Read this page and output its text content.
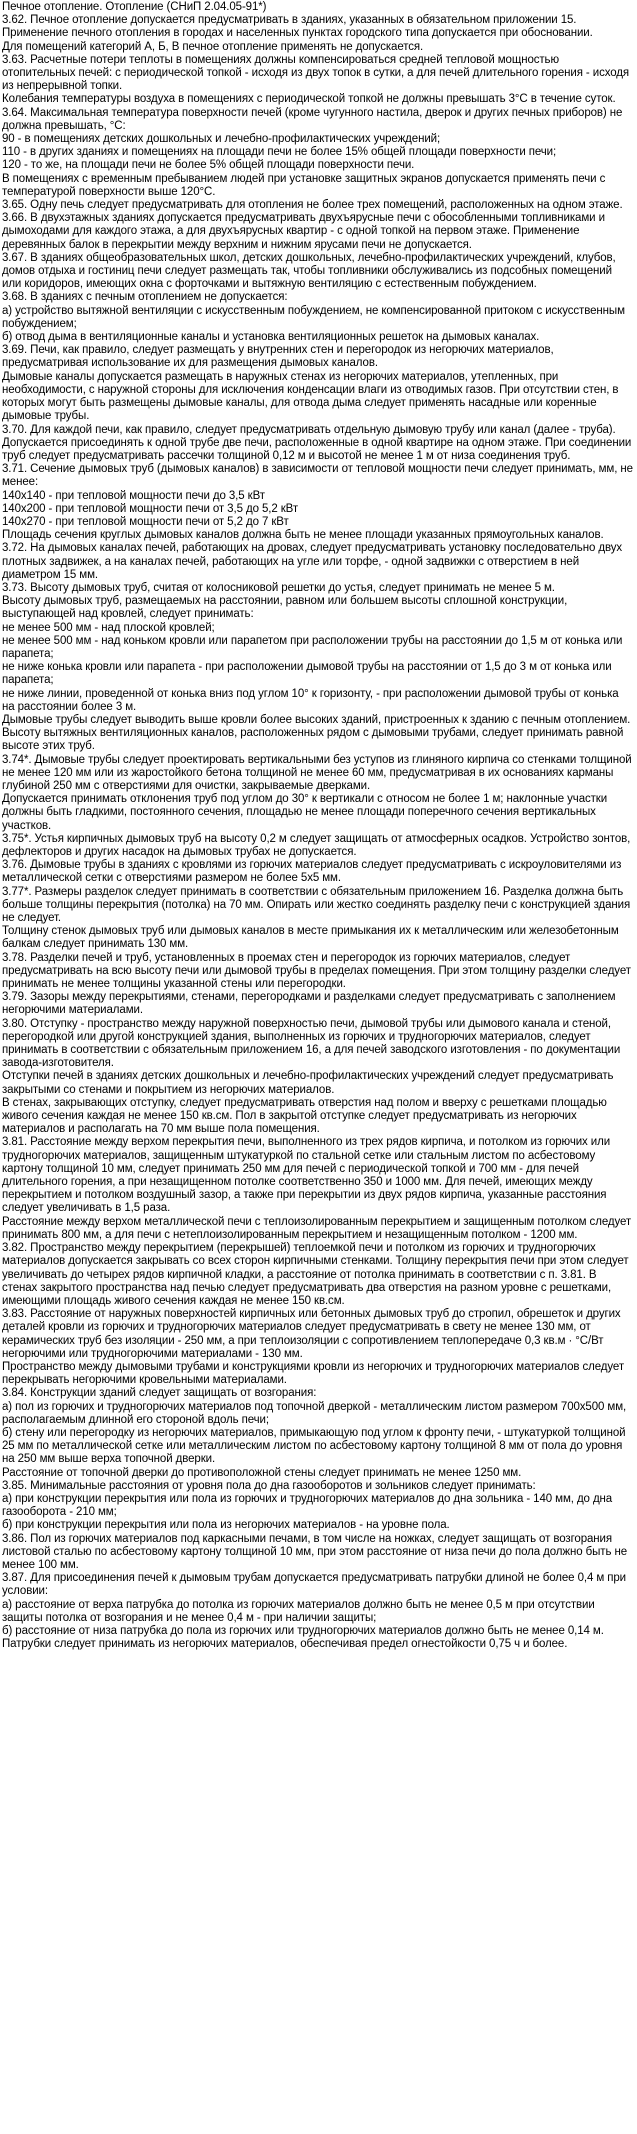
Печное отопление. Отопление (СНиП 2.04.05-91*)
3.62. Печное отопление допускается предусматривать в зданиях, указанных в обязательном приложении 15.
Применение печного отопления в городах и населенных пунктах городского типа допускается при обосновании.
Для помещений категорий А, Б, В печное отопление применять не допускается.
3.63. Расчетные потери теплоты в помещениях должны компенсироваться средней тепловой мощностью отопительных печей: с периодической топкой - исходя из двух топок в сутки, а для печей длительного горения - исходя из непрерывной топки.
Колебания температуры воздуха в помещениях с периодической топкой не должны превышать 3°С в течение суток.
3.64. Максимальная температура поверхности печей (кроме чугунного настила, дверок и других печных приборов) не должна превышать, °С:
90 - в помещениях детских дошкольных и лечебно-профилактических учреждений;
110 - в других зданиях и помещениях на площади печи не более 15% общей площади поверхности печи;
120 - то же, на площади печи не более 5% общей площади поверхности печи.
В помещениях с временным пребыванием людей при установке защитных экранов допускается применять печи с температурой поверхности выше 120°С.
3.65. Одну печь следует предусматривать для отопления не более трех помещений, расположенных на одном этаже.
3.66. В двухэтажных зданиях допускается предусматривать двухъярусные печи с обособленными топливниками и дымоходами для каждого этажа, а для двухъярусных квартир - с одной топкой на первом этаже. Применение деревянных балок в перекрытии между верхним и нижним ярусами печи не допускается.
3.67. В зданиях общеобразовательных школ, детских дошкольных, лечебно-профилактических учреждений, клубов, домов отдыха и гостиниц печи следует размещать так, чтобы топливники обслуживались из подсобных помещений или коридоров, имеющих окна с форточками и вытяжную вентиляцию с естественным побуждением.
3.68. В зданиях с печным отоплением не допускается:
а) устройство вытяжной вентиляции с искусственным побуждением, не компенсированной притоком с искусственным побуждением;
б) отвод дыма в вентиляционные каналы и установка вентиляционных решеток на дымовых каналах.
3.69. Печи, как правило, следует размещать у внутренних стен и перегородок из негорючих материалов, предусматривая использование их для размещения дымовых каналов.
Дымовые каналы допускается размещать в наружных стенах из негорючих материалов, утепленных, при необходимости, с наружной стороны для исключения конденсации влаги из отводимых газов. При отсутствии стен, в которых могут быть размещены дымовые каналы, для отвода дыма следует применять насадные или коренные дымовые трубы.
3.70. Для каждой печи, как правило, следует предусматривать отдельную дымовую трубу или канал (далее - труба). Допускается присоединять к одной трубе две печи, расположенные в одной квартире на одном этаже. При соединении труб следует предусматривать рассечки толщиной 0,12 м и высотой не менее 1 м от низа соединения труб.
3.71. Сечение дымовых труб (дымовых каналов) в зависимости от тепловой мощности печи следует принимать, мм, не менее:
140х140 - при тепловой мощности печи до 3,5 кВт
140х200 - при тепловой мощности печи от 3,5 до 5,2 кВт
140х270 - при тепловой мощности печи от 5,2 до 7 кВт
Площадь сечения круглых дымовых каналов должна быть не менее площади указанных прямоугольных каналов.
3.72. На дымовых каналах печей, работающих на дровах, следует предусматривать установку последовательно двух плотных задвижек, а на каналах печей, работающих на угле или торфе, - одной задвижки с отверстием в ней диаметром 15 мм.
3.73. Высоту дымовых труб, считая от колосниковой решетки до устья, следует принимать не менее 5 м.
Высоту дымовых труб, размещаемых на расстоянии, равном или большем высоты сплошной конструкции, выступающей над кровлей, следует принимать:
не менее 500 мм - над плоской кровлей;
не менее 500 мм - над коньком кровли или парапетом при расположении трубы на расстоянии до 1,5 м от конька или парапета;
не ниже конька кровли или парапета - при расположении дымовой трубы на расстоянии от 1,5 до 3 м от конька или парапета;
не ниже линии, проведенной от конька вниз под углом 10° к горизонту, - при расположении дымовой трубы от конька на расстоянии более 3 м.
Дымовые трубы следует выводить выше кровли более высоких зданий, пристроенных к зданию с печным отоплением.
Высоту вытяжных вентиляционных каналов, расположенных рядом с дымовыми трубами, следует принимать равной высоте этих труб.
3.74*. Дымовые трубы следует проектировать вертикальными без уступов из глиняного кирпича со стенками толщиной не менее 120 мм или из жаростойкого бетона толщиной не менее 60 мм, предусматривая в их основаниях карманы глубиной 250 мм с отверстиями для очистки, закрываемые дверками.
Допускается принимать отклонения труб под углом до 30° к вертикали с относом не более 1 м; наклонные участки должны быть гладкими, постоянного сечения, площадью не менее площади поперечного сечения вертикальных участков.
3.75*. Устья кирпичных дымовых труб на высоту 0,2 м следует защищать от атмосферных осадков. Устройство зонтов, дефлекторов и других насадок на дымовых трубах не допускается.
3.76. Дымовые трубы в зданиях с кровлями из горючих материалов следует предусматривать с искроуловителями из металлической сетки с отверстиями размером не более 5х5 мм.
3.77*. Размеры разделок следует принимать в соответствии с обязательным приложением 16. Разделка должна быть больше толщины перекрытия (потолка) на 70 мм. Опирать или жестко соединять разделку печи с конструкцией здания не следует.
Толщину стенок дымовых труб или дымовых каналов в месте примыкания их к металлическим или железобетонным балкам следует принимать 130 мм.
3.78. Разделки печей и труб, установленных в проемах стен и перегородок из горючих материалов, следует предусматривать на всю высоту печи или дымовой трубы в пределах помещения. При этом толщину разделки следует принимать не менее толщины указанной стены или перегородки.
3.79. Зазоры между перекрытиями, стенами, перегородками и разделками следует предусматривать с заполнением негорючими материалами.
3.80. Отступку - пространство между наружной поверхностью печи, дымовой трубы или дымового канала и стеной, перегородкой или другой конструкцией здания, выполненных из горючих и трудногорючих материалов, следует принимать в соответствии с обязательным приложением 16, а для печей заводского изготовления - по документации завода-изготовителя.
Отступки печей в зданиях детских дошкольных и лечебно-профилактических учреждений следует предусматривать закрытыми со стенами и покрытием из негорючих материалов.
В стенах, закрывающих отступку, следует предусматривать отверстия над полом и вверху с решетками площадью живого сечения каждая не менее 150 кв.см. Пол в закрытой отступке следует предусматривать из негорючих материалов и располагать на 70 мм выше пола помещения.
3.81. Расстояние между верхом перекрытия печи, выполненного из трех рядов кирпича, и потолком из горючих или трудногорючих материалов, защищенным штукатуркой по стальной сетке или стальным листом по асбестовому картону толщиной 10 мм, следует принимать 250 мм для печей с периодической топкой и 700 мм - для печей длительного горения, а при незащищенном потолке соответственно 350 и 1000 мм. Для печей, имеющих между перекрытием и потолком воздушный зазор, а также при перекрытии из двух рядов кирпича, указанные расстояния следует увеличивать в 1,5 раза.
Расстояние между верхом металлической печи с теплоизолированным перекрытием и защищенным потолком следует принимать 800 мм, а для печи с нетеплоизолированным перекрытием и незащищенным потолком - 1200 мм.
3.82. Пространство между перекрытием (перекрышей) теплоемкой печи и потолком из горючих и трудногорючих материалов допускается закрывать со всех сторон кирпичными стенками. Толщину перекрытия печи при этом следует увеличивать до четырех рядов кирпичной кладки, а расстояние от потолка принимать в соответствии с п. 3.81. В стенах закрытого пространства над печью следует предусматривать два отверстия на разном уровне с решетками, имеющими площадь живого сечения каждая не менее 150 кв.см.
3.83. Расстояние от наружных поверхностей кирпичных или бетонных дымовых труб до стропил, обрешеток и других деталей кровли из горючих и трудногорючих материалов следует предусматривать в свету не менее 130 мм, от керамических труб без изоляции - 250 мм, а при теплоизоляции с сопротивлением теплопередаче 0,3 кв.м · °С/Вт негорючими или трудногорючими материалами - 130 мм.
Пространство между дымовыми трубами и конструкциями кровли из негорючих и трудногорючих материалов следует перекрывать негорючими кровельными материалами.
3.84. Конструкции зданий следует защищать от возгорания:
а) пол из горючих и трудногорючих материалов под топочной дверкой - металлическим листом размером 700х500 мм, располагаемым длинной его стороной вдоль печи;
б) стену или перегородку из негорючих материалов, примыкающую под углом к фронту печи, - штукатуркой толщиной 25 мм по металлической сетке или металлическим листом по асбестовому картону толщиной 8 мм от пола до уровня на 250 мм выше верха топочной дверки.
Расстояние от топочной дверки до противоположной стены следует принимать не менее 1250 мм.
3.85. Минимальные расстояния от уровня пола до дна газооборотов и зольников следует принимать:
а) при конструкции перекрытия или пола из горючих и трудногорючих материалов до дна зольника - 140 мм, до дна газооборота - 210 мм;
б) при конструкции перекрытия или пола из негорючих материалов - на уровне пола.
3.86. Пол из горючих материалов под каркасными печами, в том числе на ножках, следует защищать от возгорания листовой сталью по асбестовому картону толщиной 10 мм, при этом расстояние от низа печи до пола должно быть не менее 100 мм.
3.87. Для присоединения печей к дымовым трубам допускается предусматривать патрубки длиной не более 0,4 м при условии:
а) расстояние от верха патрубка до потолка из горючих материалов должно быть не менее 0,5 м при отсутствии защиты потолка от возгорания и не менее 0,4 м - при наличии защиты;
б) расстояние от низа патрубка до пола из горючих или трудногорючих материалов должно быть не менее 0,14 м.
Патрубки следует принимать из негорючих материалов, обеспечивая предел огнестойкости 0,75 ч и более.
